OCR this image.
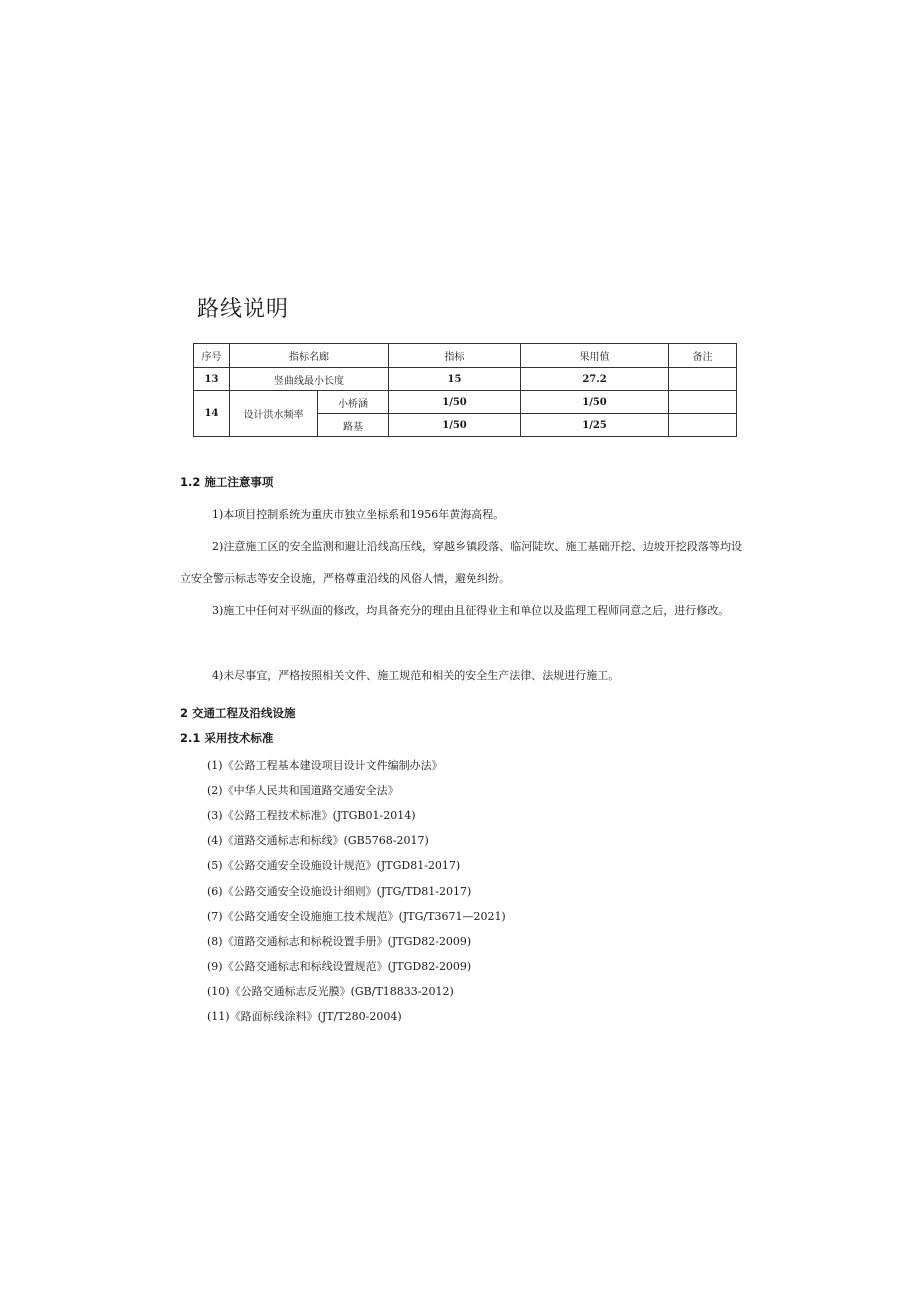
路线说明
序号	指标名廊		指标	果用值	备注
13	竖曲线最小长度		15	27.2	
14	设计洪水频率	小桥涵	1/50	1/50	
		路基	1/50	1/25	
1.2 施工注意事项
1)本项目控制系统为重庆市独立坐标系和1956年黄海高程。
2)注意施工区的安全监测和避让沿线高压线，穿越乡镇段落、临河陡坎、施工基础开挖、边坡开挖段落等均设立安全警示标志等安全设施，严格尊重沿线的风俗人情，避免纠纷。
3)施工中任何对平纵面的修改，均具备充分的理由且征得业主和单位以及监理工程师同意之后，进行修改。
4)未尽事宜，严格按照相关文件、施工规范和相关的安全生产法律、法规进行施工。
2 交通工程及沿线设施
2.1 采用技术标准
(1)《公路工程基本建设项目设计文件编制办法》
(2)《中华人民共和国道路交通安全法》
(3)《公路工程技术标准》(JTGB01-2014)
(4)《道路交通标志和标线》(GB5768-2017)
(5)《公路交通安全设施设计规范》(JTGD81-2017)
(6)《公路交通安全设施设计细则》(JTG/TD81-2017)
(7)《公路交通安全设施施工技术规范》(JTG/T3671—2021)
(8)《道路交通标志和标税设置手册》(JTGD82-2009)
(9)《公路交通标志和标线设置规范》(JTGD82-2009)
(10)《公路交通标志反光膜》(GB/T18833-2012)
(11)《路面标线涂料》(JT/T280-2004)
